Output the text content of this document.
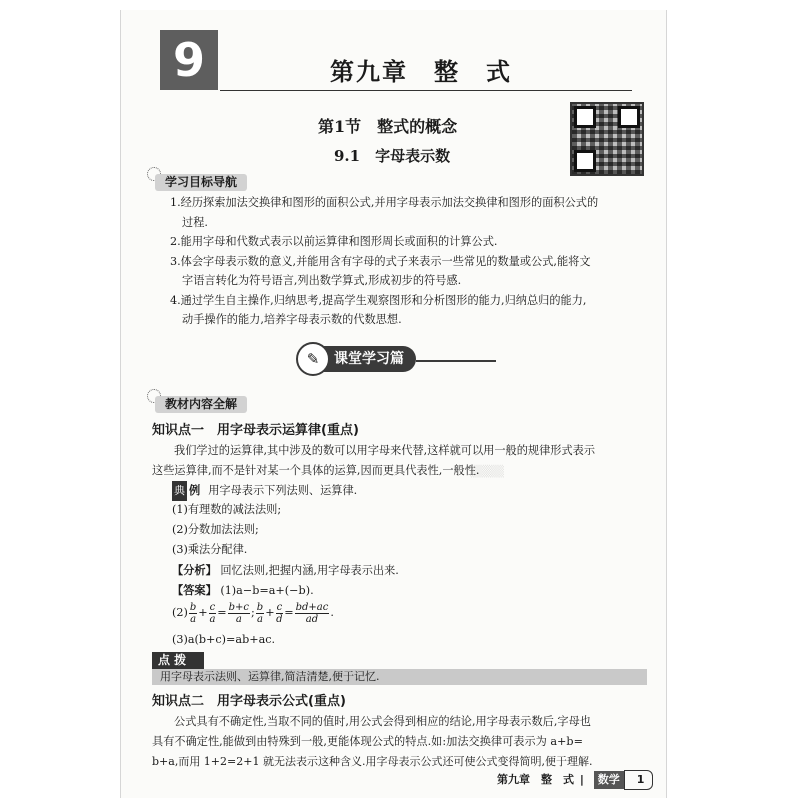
9	第九章　整　式
第1节　整式的概念
9.1　字母表示数
学习目标导航

1.经历探索加法交换律和图形的面积公式,并用字母表示加法交换律和图形的面积公式的

过程.

2.能用字母和代数式表示以前运算律和图形周长或面积的计算公式.

3.体会字母表示数的意义,并能用含有字母的式子来表示一些常见的数量或公式,能将文

字语言转化为符号语言,列出数学算式,形成初步的符号感.

4.通过学生自主操作,归纳思考,提高学生观察图形和分析图形的能力,归纳总归的能力,

动手操作的能力,培养字母表示数的代数思想.

课堂学习篇
✎
教材内容全解
知识点一　用字母表示运算律(重点)
我们学过的运算律,其中涉及的数可以用字母来代替,这样就可以用一般的规律形式表示
这些运算律,而不是针对某一个具体的运算,因而更具代表性,一般性.
▒▒▒▒
典 例 用字母表示下列法则、运算律.
(1)有理数的减法法则;
(2)分数加法法则;
(3)乘法分配律.
【分析】 回忆法则,把握内涵,用字母表示出来.
【答案】 (1)a−b=a+(−b).
$(2) \frac{b}{a} + \frac{c}{a} = \frac{b+c}{a}$ ; $\frac{b}{a} + \frac{c}{d} = \frac{bd+ac}{ad}$ .
(3)a(b+c)=ab+ac.
点 拨
用字母表示法则、运算律,简洁清楚,便于记忆.
知识点二　用字母表示公式(重点)
公式具有不确定性,当取不同的值时,用公式会得到相应的结论,用字母表示数后,字母也
具有不确定性,能做到由特殊到一般,更能体现公式的特点.如:加法交换律可表示为 a+b=
b+a,而用 1+2=2+1 就无法表示这种含义.用字母表示公式还可使公式变得简明,便于理解.
第九章　整　式 | 数学 1
